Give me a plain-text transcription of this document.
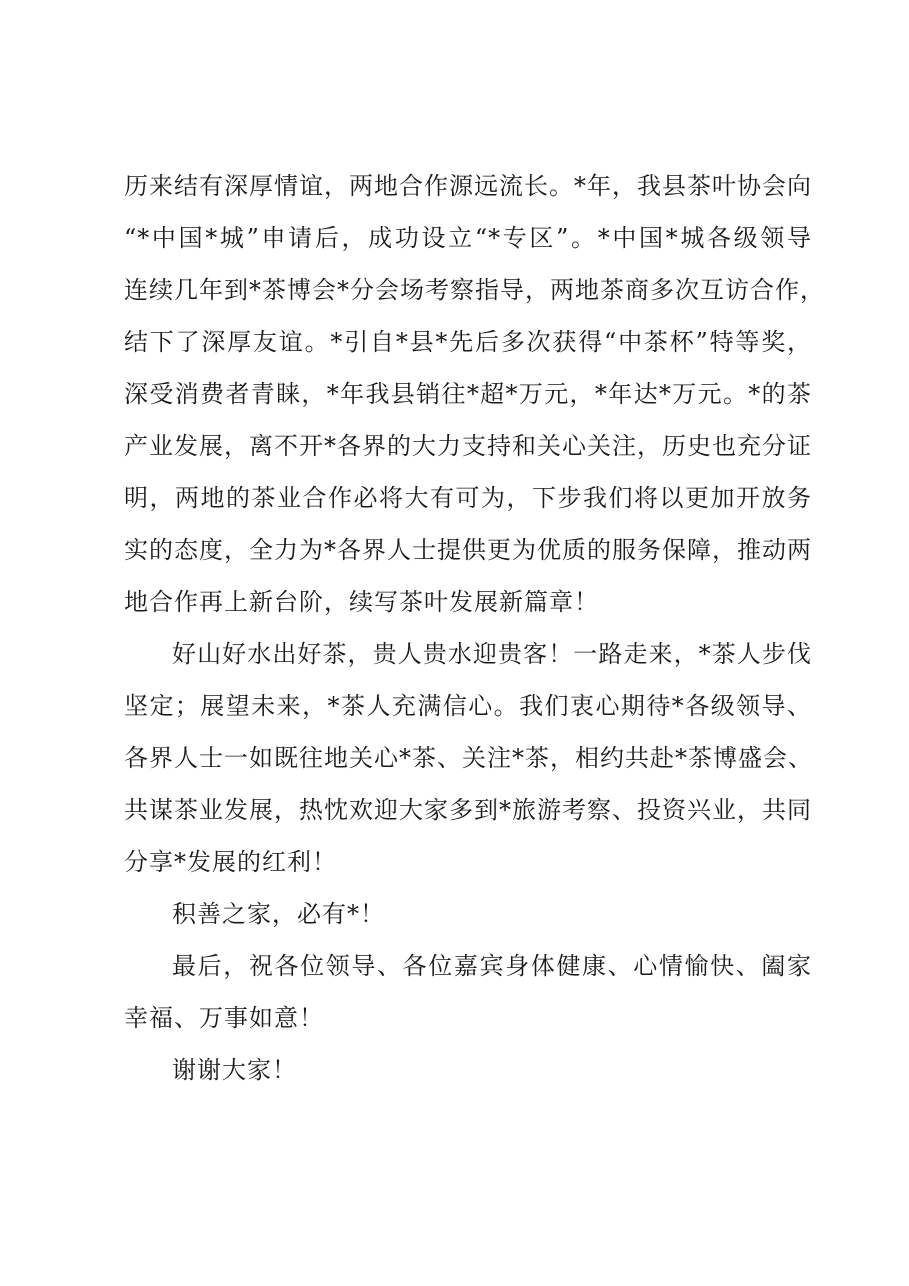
历来结有深厚情谊，两地合作源远流长。*年，我县茶叶协会向
“*中国*城”申请后，成功设立“*专区”。*中国*城各级领导
连续几年到*茶博会*分会场考察指导，两地茶商多次互访合作，
结下了深厚友谊。*引自*县*先后多次获得“中茶杯”特等奖，
深受消费者青睐，*年我县销往*超*万元，*年达*万元。*的茶
产业发展，离不开*各界的大力支持和关心关注，历史也充分证
明，两地的茶业合作必将大有可为，下步我们将以更加开放务
实的态度，全力为*各界人士提供更为优质的服务保障，推动两
地合作再上新台阶，续写茶叶发展新篇章！
好山好水出好茶，贵人贵水迎贵客！一路走来，*茶人步伐
坚定；展望未来，*茶人充满信心。我们衷心期待*各级领导、
各界人士一如既往地关心*茶、关注*茶，相约共赴*茶博盛会、
共谋茶业发展，热忱欢迎大家多到*旅游考察、投资兴业，共同
分享*发展的红利！
积善之家，必有*！
最后，祝各位领导、各位嘉宾身体健康、心情愉快、阖家
幸福、万事如意！
谢谢大家！
